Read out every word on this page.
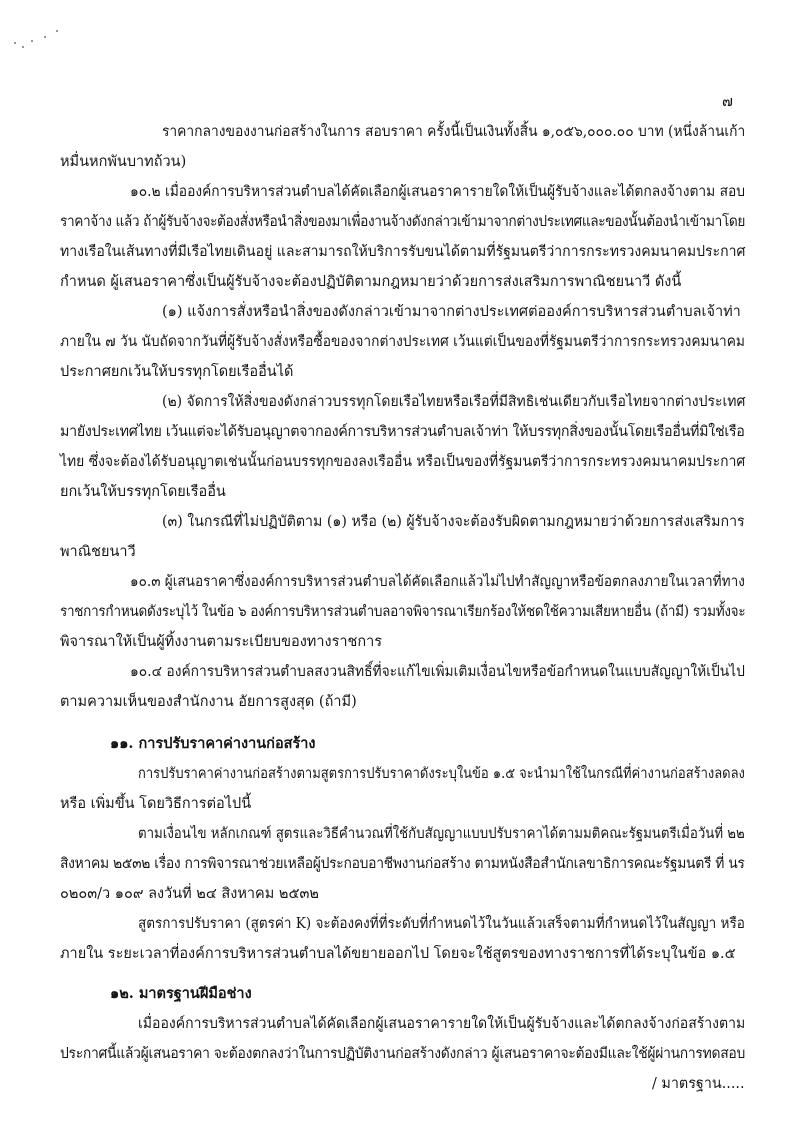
๗
ราคากลางของงานก่อสร้างในการ สอบราคา ครั้งนี้เป็นเงินทั้งสิ้น ๑,๐๕๖,๐๐๐.๐๐ บาท (หนึ่งล้านเก้า
หมื่นหกพันบาทถ้วน)
๑๐.๒ เมื่อองค์การบริหารส่วนตำบลได้คัดเลือกผู้เสนอราคารายใดให้เป็นผู้รับจ้างและได้ตกลงจ้างตาม สอบ
ราคาจ้าง แล้ว ถ้าผู้รับจ้างจะต้องสั่งหรือนำสิ่งของมาเพื่องานจ้างดังกล่าวเข้ามาจากต่างประเทศและของนั้นต้องนำเข้ามาโดย
ทางเรือในเส้นทางที่มีเรือไทยเดินอยู่ และสามารถให้บริการรับขนได้ตามที่รัฐมนตรีว่าการกระทรวงคมนาคมประกาศ
กำหนด ผู้เสนอราคาซึ่งเป็นผู้รับจ้างจะต้องปฏิบัติตามกฎหมายว่าด้วยการส่งเสริมการพาณิชยนาวี ดังนี้
(๑) แจ้งการสั่งหรือนำสิ่งของดังกล่าวเข้ามาจากต่างประเทศต่อองค์การบริหารส่วนตำบลเจ้าท่า
ภายใน ๗ วัน นับถัดจากวันที่ผู้รับจ้างสั่งหรือซื้อของจากต่างประเทศ เว้นแต่เป็นของที่รัฐมนตรีว่าการกระทรวงคมนาคม
ประกาศยกเว้นให้บรรทุกโดยเรืออื่นได้
(๒) จัดการให้สิ่งของดังกล่าวบรรทุกโดยเรือไทยหรือเรือที่มีสิทธิเช่นเดียวกับเรือไทยจากต่างประเทศ
มายังประเทศไทย เว้นแต่จะได้รับอนุญาตจากองค์การบริหารส่วนตำบลเจ้าท่า ให้บรรทุกสิ่งของนั้นโดยเรืออื่นที่มิใช่เรือ
ไทย ซึ่งจะต้องได้รับอนุญาตเช่นนั้นก่อนบรรทุกของลงเรืออื่น หรือเป็นของที่รัฐมนตรีว่าการกระทรวงคมนาคมประกาศ
ยกเว้นให้บรรทุกโดยเรืออื่น
(๓) ในกรณีที่ไม่ปฏิบัติตาม (๑) หรือ (๒) ผู้รับจ้างจะต้องรับผิดตามกฎหมายว่าด้วยการส่งเสริมการ
พาณิชยนาวี
๑๐.๓ ผู้เสนอราคาซึ่งองค์การบริหารส่วนตำบลได้คัดเลือกแล้วไม่ไปทำสัญญาหรือข้อตกลงภายในเวลาที่ทาง
ราชการกำหนดดังระบุไว้ ในข้อ ๖ องค์การบริหารส่วนตำบลอาจพิจารณาเรียกร้องให้ชดใช้ความเสียหายอื่น (ถ้ามี) รวมทั้งจะ
พิจารณาให้เป็นผู้ทิ้งงานตามระเบียบของทางราชการ
๑๐.๔ องค์การบริหารส่วนตำบลสงวนสิทธิ์ที่จะแก้ไขเพิ่มเติมเงื่อนไขหรือข้อกำหนดในแบบสัญญาให้เป็นไป
ตามความเห็นของสำนักงาน อัยการสูงสุด (ถ้ามี)
๑๑. การปรับราคาค่างานก่อสร้าง
การปรับราคาค่างานก่อสร้างตามสูตรการปรับราคาดังระบุในข้อ ๑.๕ จะนำมาใช้ในกรณีที่ค่างานก่อสร้างลดลง
หรือ เพิ่มขึ้น โดยวิธีการต่อไปนี้
ตามเงื่อนไข หลักเกณฑ์ สูตรและวิธีคำนวณที่ใช้กับสัญญาแบบปรับราคาได้ตามมติคณะรัฐมนตรีเมื่อวันที่ ๒๒
สิงหาคม ๒๕๓๒ เรื่อง การพิจารณาช่วยเหลือผู้ประกอบอาชีพงานก่อสร้าง ตามหนังสือสำนักเลขาธิการคณะรัฐมนตรี ที่ นร
๐๒๐๓/ว ๑๐๙ ลงวันที่ ๒๔ สิงหาคม ๒๕๓๒
สูตรการปรับราคา (สูตรค่า K) จะต้องคงที่ที่ระดับที่กำหนดไว้ในวันแล้วเสร็จตามที่กำหนดไว้ในสัญญา หรือ
ภายใน ระยะเวลาที่องค์การบริหารส่วนตำบลได้ขยายออกไป โดยจะใช้สูตรของทางราชการที่ได้ระบุในข้อ ๑.๕
๑๒. มาตรฐานฝีมือช่าง
เมื่อองค์การบริหารส่วนตำบลได้คัดเลือกผู้เสนอราคารายใดให้เป็นผู้รับจ้างและได้ตกลงจ้างก่อสร้างตาม
ประกาศนี้แล้วผู้เสนอราคา จะต้องตกลงว่าในการปฏิบัติงานก่อสร้างดังกล่าว ผู้เสนอราคาจะต้องมีและใช้ผู้ผ่านการทดสอบ
/ มาตรฐาน.....
